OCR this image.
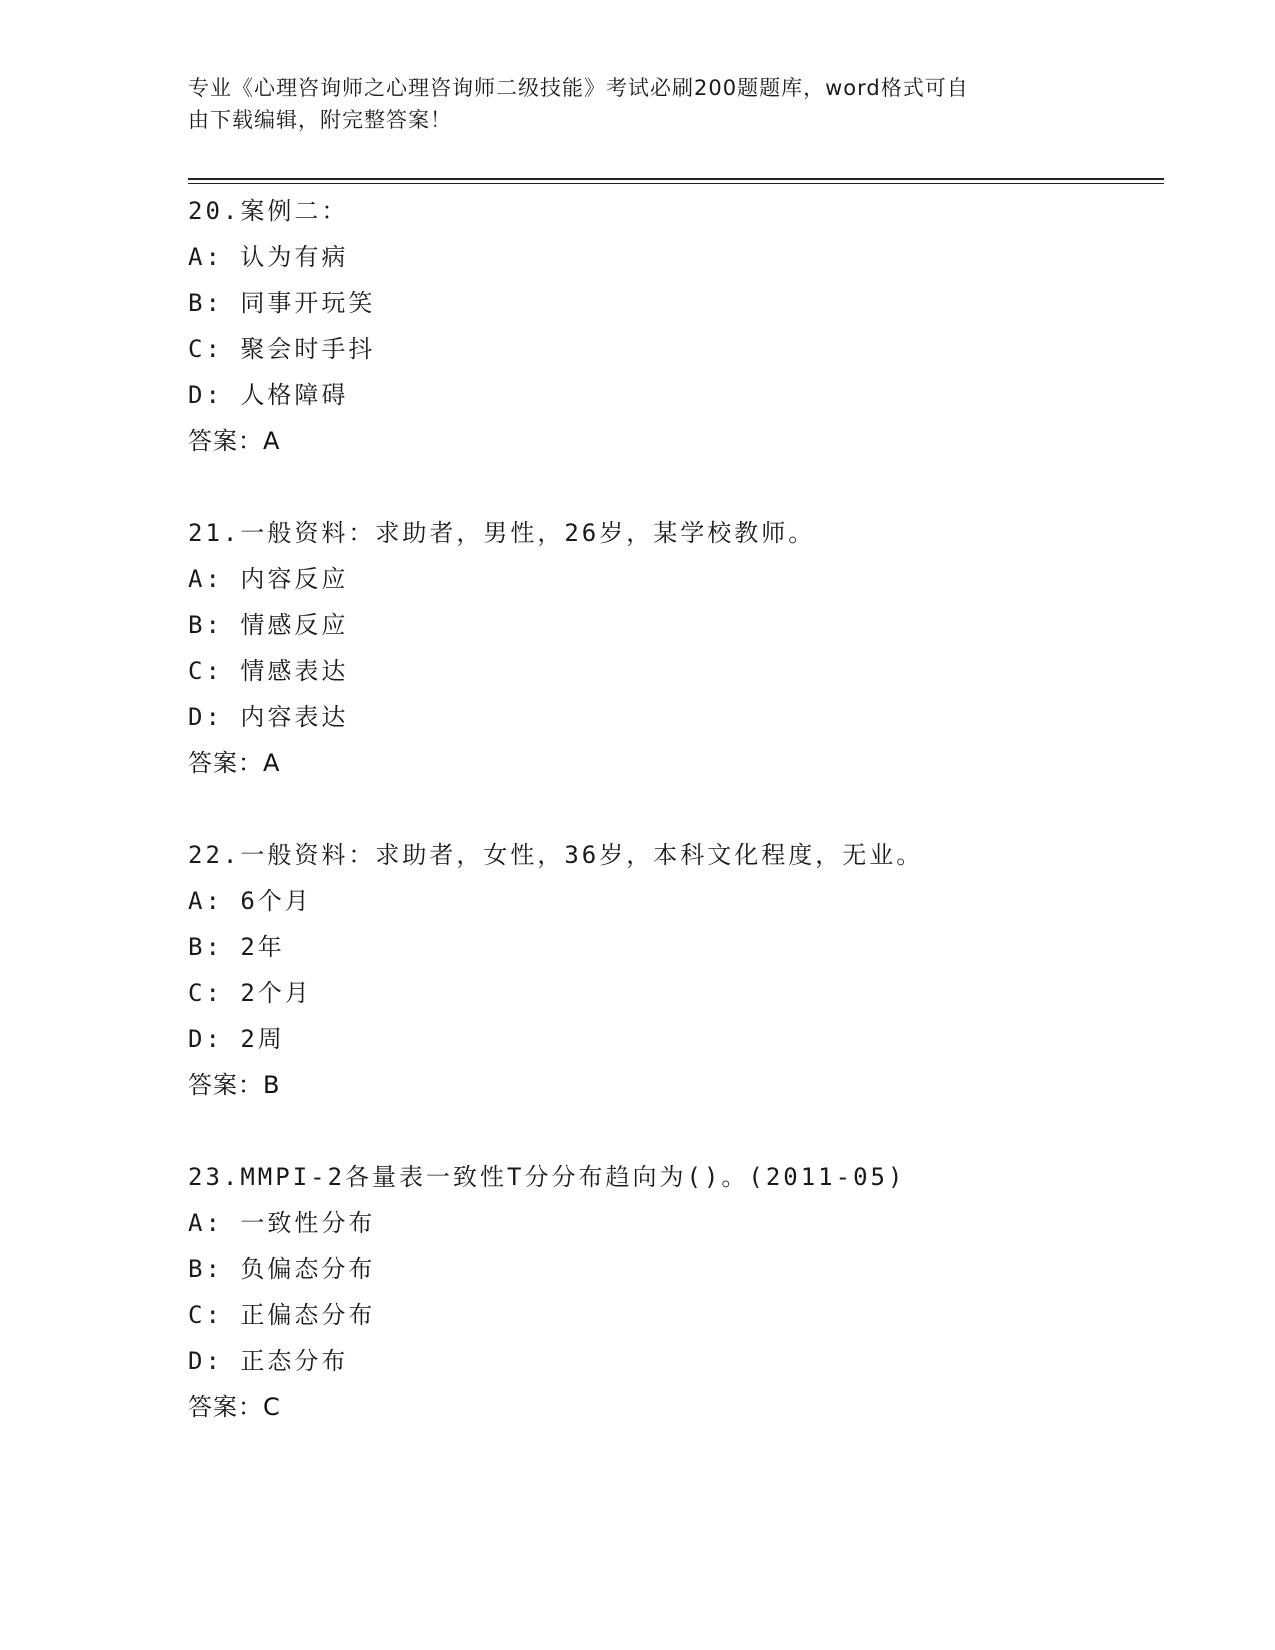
专业《心理咨询师之心理咨询师二级技能》考试必刷200题题库，word格式可自
由下载编辑，附完整答案！
20.案例二：
A: 认为有病
B: 同事开玩笑
C: 聚会时手抖
D: 人格障碍
答案：A
21.一般资料：求助者，男性，26岁，某学校教师。
A: 内容反应
B: 情感反应
C: 情感表达
D: 内容表达
答案：A
22.一般资料：求助者，女性，36岁，本科文化程度，无业。
A: 6个月
B: 2年
C: 2个月
D: 2周
答案：B
23.MMPI-2各量表一致性T分分布趋向为()。(2011-05)
A: 一致性分布
B: 负偏态分布
C: 正偏态分布
D: 正态分布
答案：C
